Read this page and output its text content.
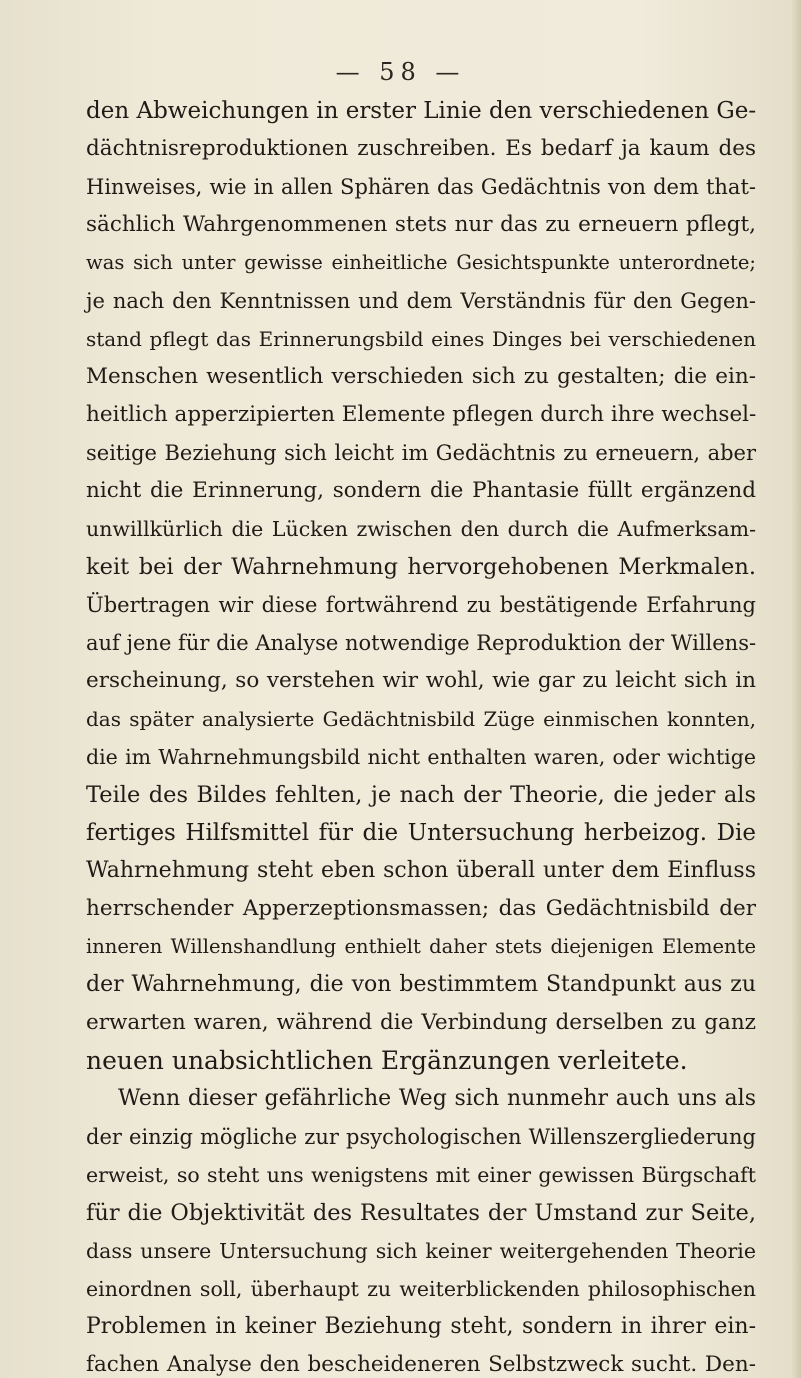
— 58 —
den Abweichungen in erster Linie den verschiedenen Ge-
dächtnisreproduktionen zuschreiben. Es bedarf ja kaum des
Hinweises, wie in allen Sphären das Gedächtnis von dem that-
sächlich Wahrgenommenen stets nur das zu erneuern pflegt,
was sich unter gewisse einheitliche Gesichtspunkte unterordnete;
je nach den Kenntnissen und dem Verständnis für den Gegen-
stand pflegt das Erinnerungsbild eines Dinges bei verschiedenen
Menschen wesentlich verschieden sich zu gestalten; die ein-
heitlich apperzipierten Elemente pflegen durch ihre wechsel-
seitige Beziehung sich leicht im Gedächtnis zu erneuern, aber
nicht die Erinnerung, sondern die Phantasie füllt ergänzend
unwillkürlich die Lücken zwischen den durch die Aufmerksam-
keit bei der Wahrnehmung hervorgehobenen Merkmalen.
Übertragen wir diese fortwährend zu bestätigende Erfahrung
auf jene für die Analyse notwendige Reproduktion der Willens-
erscheinung, so verstehen wir wohl, wie gar zu leicht sich in
das später analysierte Gedächtnisbild Züge einmischen konnten,
die im Wahrnehmungsbild nicht enthalten waren, oder wichtige
Teile des Bildes fehlten, je nach der Theorie, die jeder als
fertiges Hilfsmittel für die Untersuchung herbeizog. Die
Wahrnehmung steht eben schon überall unter dem Einfluss
herrschender Apperzeptionsmassen; das Gedächtnisbild der
inneren Willenshandlung enthielt daher stets diejenigen Elemente
der Wahrnehmung, die von bestimmtem Standpunkt aus zu
erwarten waren, während die Verbindung derselben zu ganz
neuen unabsichtlichen Ergänzungen verleitete.
Wenn dieser gefährliche Weg sich nunmehr auch uns als
der einzig mögliche zur psychologischen Willenszergliederung
erweist, so steht uns wenigstens mit einer gewissen Bürgschaft
für die Objektivität des Resultates der Umstand zur Seite,
dass unsere Untersuchung sich keiner weitergehenden Theorie
einordnen soll, überhaupt zu weiterblickenden philosophischen
Problemen in keiner Beziehung steht, sondern in ihrer ein-
fachen Analyse den bescheideneren Selbstzweck sucht. Den-
